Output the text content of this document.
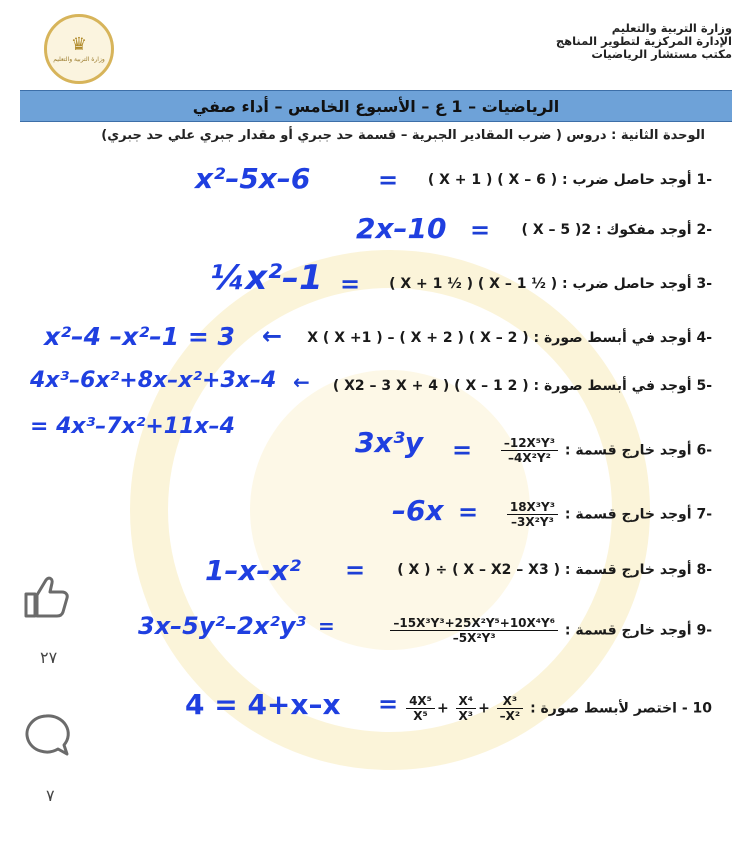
♛
وزارة التربية والتعليم
وزارة التربية والتعليم
الإدارة المركزية لتطوير المناهج
مكتب مستشار الرياضيات
الرياضيات – 1 ع – الأسبوع الخامس – أداء صفي
الوحدة الثانية : دروس ( ضرب المقادير الجبرية – قسمة حد جبري أو مقدار جبري علي حد جبري)
-1 أوجد حاصل ضرب : ( X – 6 ) ( X + 1 )
=
x²–5x–6
-2 أوجد مفكوك : 2( X – 5 )
=
2x–10
-3 أوجد حاصل ضرب : ( ½ X – 1 ) ( ½ X + 1 )
=
¼x²–1
-4 أوجد في أبسط صورة : ( X – 2 ) ( X + 2 ) – X ( X +1 )
←
x²–4 –x²–1 = 3
-5 أوجد في أبسط صورة : ( 2 X – 1 ) ( X2 – 3 X + 4 )
←
4x³–6x²+8x–x²+3x–4
= 4x³–7x²+11x–4
-6 أوجد خارج قسمة :
$\frac{\text{–12X⁵Y³}}{\text{–4X²Y²}}$
=
3x³y
-7 أوجد خارج قسمة :
$\frac{\text{18X³Y³}}{\text{–3X²Y³}}$
=
–6x
-8 أوجد خارج قسمة : ( X – X2 – X3 ) ÷ ( X )
=
1–x–x²
-9 أوجد خارج قسمة :
$\frac{\text{–15X³Y³+25X²Y⁵+10X⁴Y⁶}}{\text{–5X²Y³}}$
=
3x–5y²–2x²y³
10 - اختصر لأبسط صورة :
$\frac{\text{4X⁵}}{\text{X⁵}} + \frac{\text{X⁴}}{\text{X³}} + \frac{\text{X³}}{\text{–X²}}$
=
4 = 4+x–x
٢٧
٧
